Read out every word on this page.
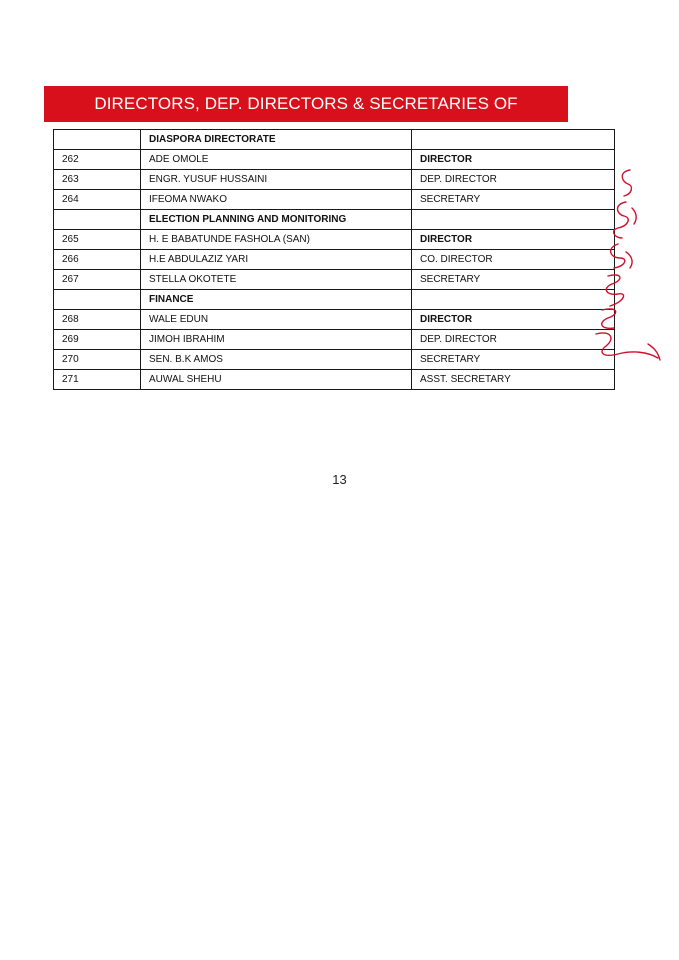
DIRECTORS, DEP. DIRECTORS & SECRETARIES OF DIRECTORATES
	DIASPORA DIRECTORATE	
262	ADE OMOLE	DIRECTOR
263	ENGR. YUSUF HUSSAINI	DEP. DIRECTOR
264	IFEOMA NWAKO	SECRETARY
	ELECTION PLANNING AND MONITORING	
265	H. E BABATUNDE FASHOLA (SAN)	DIRECTOR
266	H.E ABDULAZIZ YARI	CO. DIRECTOR
267	STELLA OKOTETE	SECRETARY
	FINANCE	
268	WALE EDUN	DIRECTOR
269	JIMOH IBRAHIM	DEP. DIRECTOR
270	SEN. B.K AMOS	SECRETARY
271	AUWAL SHEHU	ASST. SECRETARY
13
